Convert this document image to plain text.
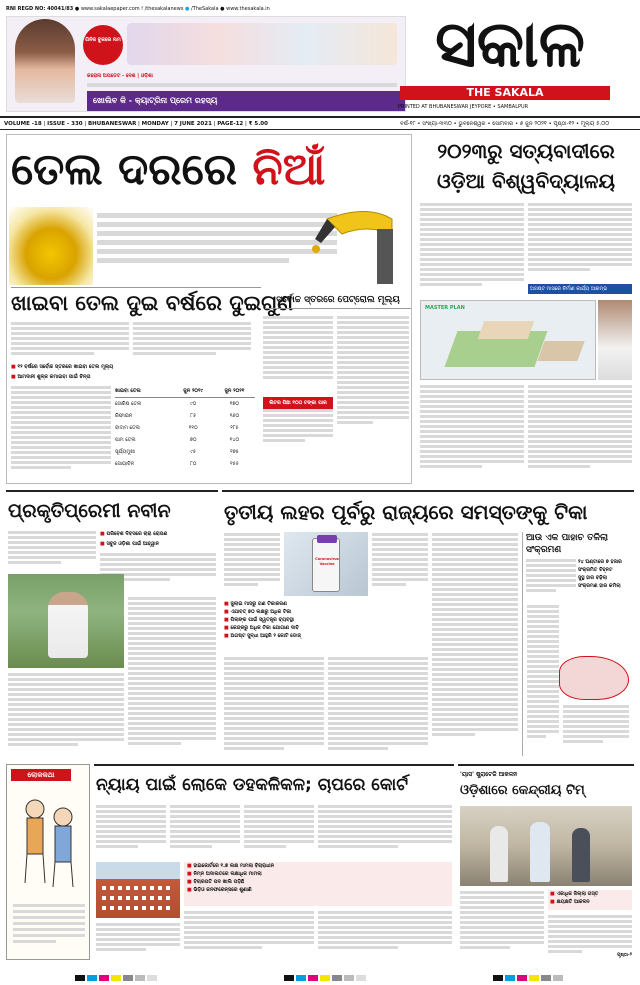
RNI REGD NO: 40041/83 ● www.sakalaepaper.com f /thesakalanews ● /TheSakala ● www.thesakala.in
ଗିନିଜ ବୁକରେ ନାମ
କରୋନା ଅପଡେଟ - ଦେଶ | ଓଡ଼ିଶା
ଖୋଲିବ କି - କ୍ୟାଟ୍ରିନା ପ୍ରେମ ରହସ୍ୟ
ସକାଳ
THE SAKALA
PRINTED AT BHUBANESWAR JEYPORE • SAMBALPUR
VOLUME -18 | ISSUE - 330 | BHUBANESWAR | MONDAY | 7 JUNE 2021 | PAGE-12 | ₹ 5.00	ବର୍ଷ-୧୮ • ସଂଖ୍ୟା-୩୩୦ • ଭୁବନେଶ୍ୱର • ସୋମବାର • ୭ ଜୁନ ୨୦୨୧ • ପୃଷ୍ଠା-୧୨ • ମୂଲ୍ୟ ୫.୦୦
ତେଲ ଦରରେ ନିଆଁ
ଖାଇବା ତେଲ ଦୁଇ ବର୍ଷରେ ଦୁଇଗୁଣ
ସର୍ବୋଚ୍ଚ ସ୍ତରରେ ପେଟ୍ରୋଲ ମୂଲ୍ୟ
■ ୧୨ ବର୍ଷରେ ସର୍ବୋଚ୍ଚ ସ୍ତରରେ ଖାଇବା ତେଲ ମୂଲ୍ୟ
■ ଆମଦାନୀ ଶୁଳ୍କ କମାଇବା ପାଇଁ ଚିନ୍ତା
ଖାଇବା ତେଲ	ଜୁନ ୨୦୧୯	ଜୁନ ୨୦୨୧
ସୋରିଷ ତେଲ	୯୦	୧୭୦
ରିଫାଇନ	୮୫	୧୬୦
ବାଦାମ ତେଲ	୧୧୦	୧୮୫
ପାମ ତେଲ	୭୦	୧୪୦
ସୂର୍ଯ୍ୟମୁଖୀ	୯୫	୧୭୫
ସୋୟାବିନ	୮୦	୧୫୫
ଲିଟର ପିଛା ୧୦୦ ଟଙ୍କା ପାର
୨୦୨୩ରୁ ସତ୍ୟବାଦୀରେ
ଓଡ଼ିଆ ବିଶ୍ୱବିଦ୍ୟାଳୟ
ଅଗଷ୍ଟ ମାସରେ ନିର୍ମାଣ କାର୍ଯ୍ୟ ଆରମ୍ଭ
MASTER PLAN
ପ୍ରକୃତିପ୍ରେମୀ ନବୀନ
■ ପରିବେଶ ଦିବସରେ ଚାରା ରୋପଣ
■ ସବୁଜ ଓଡ଼ିଶା ପାଇଁ ଆହ୍ୱାନ
ତୃତୀୟ ଲହର ପୂର୍ବରୁ ରାଜ୍ୟରେ ସମସ୍ତଙ୍କୁ ଟିକା
Coronavirus Vaccine
■ ଜୁଲାଇ ମାସରୁ ଗଣ ଟିକାକରଣ
■ ଏଯାବତ୍ ୭୦ ଲକ୍ଷରୁ ଅଧିକ ଟିକା
■ ପିଲାଙ୍କ ପାଇଁ ସ୍ୱତନ୍ତ୍ର ବ୍ୟବସ୍ଥା
■ କେନ୍ଦ୍ରରୁ ଅଧିକ ଟିକା ଯୋଗାଣ ଦାବି
■ ଅଗଷ୍ଟ ସୁଦ୍ଧା ଆହୁରି ୨ କୋଟି ଡୋଜ୍
ଆଉ ଏକ ପାହାଚ ତଳିଲା ସଂକ୍ରମଣ
୨୪ ଘଣ୍ଟାରେ ୭ ହଜାର
ସଂକ୍ରମିତ ଚିହ୍ନଟ
ସୁସ୍ଥ ହାର ବଢ଼ିଲା
ସଂକ୍ରମଣ ହାର କମିଲା
ଲୋକକଥା	ନ୍ୟାୟ ପାଇଁ ଲୋକେ ଡହକଳିକଳ; ଚାପରେ କୋର୍ଟ
■ ହାଇକୋର୍ଟରେ ୧.୭ ଲକ୍ଷ ମାମଲା ବିଚାରାଧୀନ
■ ନିମ୍ନ ଅଦାଲତରେ ଲକ୍ଷାଧିକ ମାମଲା
■ ବିଚାରପତି ପଦ ଖାଲି ପଡ଼ିଛି
■ ଭିଡ଼ିଓ କନଫରେନ୍ସରେ ଶୁଣାଣି
'ୟାସ' ଷ୍ଟ୍ରାଟେଜି ଆକଳନ
ଓଡ଼ିଶାରେ କେନ୍ଦ୍ରୀୟ ଟିମ୍
■ ଏକାଧିକ ଜିଲ୍ଲା ଗସ୍ତ
■ କ୍ଷୟକ୍ଷତି ଆକଳନ
ପୃଷ୍ଠା-୨
